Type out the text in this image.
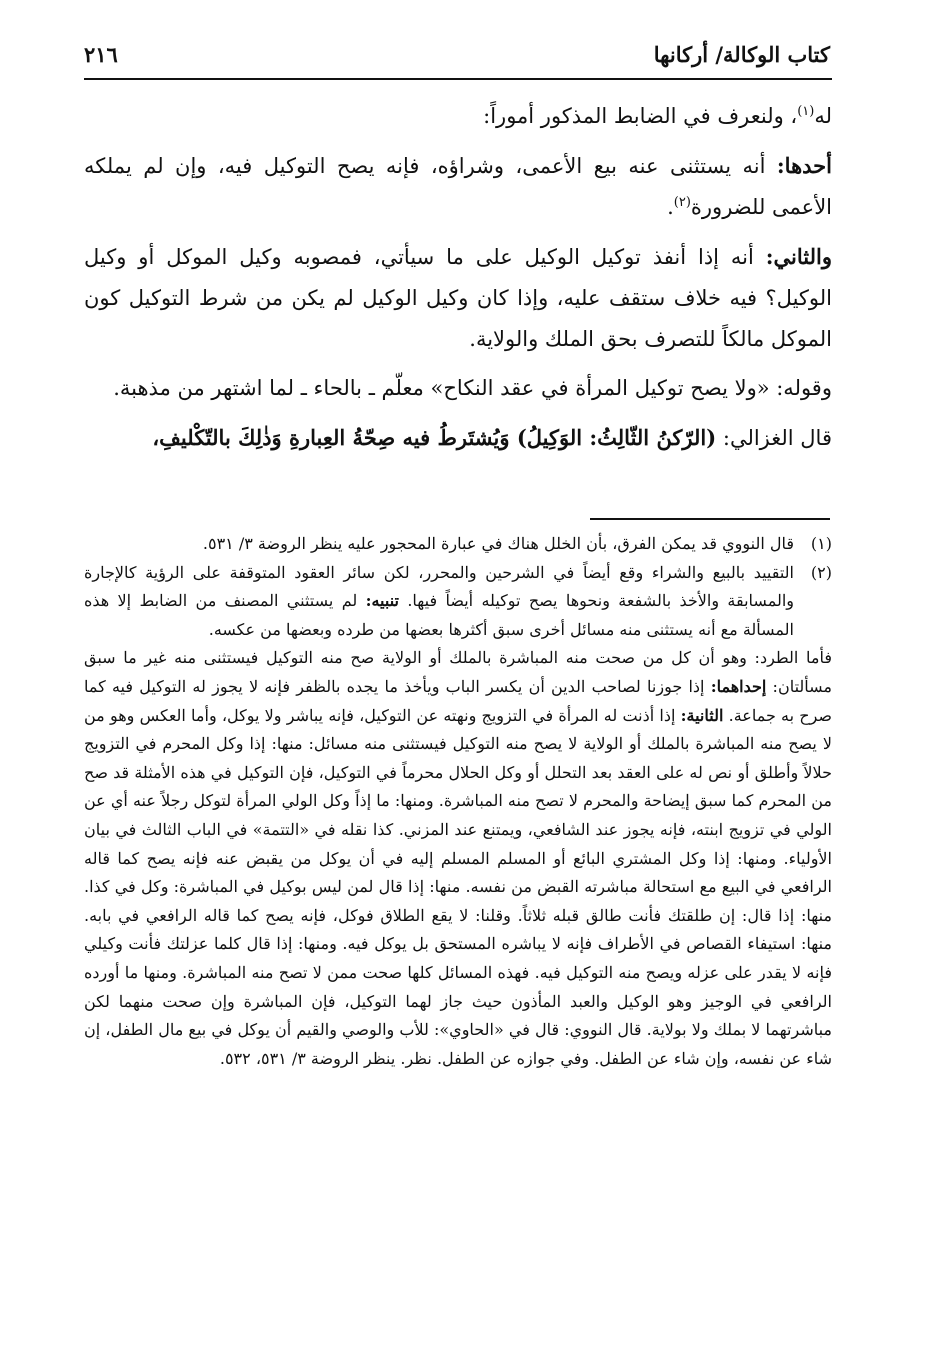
كتاب الوكالة/ أركانها
٢١٦

له$^{(١)}$، ولنعرف في الضابط المذكور أموراً:

أحدها: أنه يستثنى عنه بيع الأعمى، وشراؤه، فإنه يصح التوكيل فيه، وإن لم يملكه الأعمى للضرورة$^{(٢)}$.

والثاني: أنه إذا أنفذ توكيل الوكيل على ما سيأتي، فمصوبه وكيل الموكل أو وكيل الوكيل؟ فيه خلاف ستقف عليه، وإذا كان وكيل الوكيل لم يكن من شرط التوكيل كون الموكل مالكاً للتصرف بحق الملك والولاية.

وقوله: «ولا يصح توكيل المرأة في عقد النكاح» معلّم ـ بالحاء ـ لما اشتهر من مذهبة.

قال الغزالي: (الرّكنُ الثّالِثُ: الوَكِيلُ) وَيُشتَرطُ فيه صِحّةُ العِبارةِ وَذٰلِكَ بالتّكْليفِ،

(١)
قال النووي قد يمكن الفرق، بأن الخلل هناك في عبارة المحجور عليه ينظر الروضة ٣/ ٥٣١.
(٢)
التقييد بالبيع والشراء وقع أيضاً في الشرحين والمحرر، لكن سائر العقود المتوقفة على الرؤية كالإجارة والمسابقة والأخذ بالشفعة ونحوها يصح توكيله أيضاً فيها. تنبيه: لم يستثني المصنف من الضابط إلا هذه المسألة مع أنه يستثنى منه مسائل أخرى سبق أكثرها بعضها من طرده وبعضها من عكسه.

فأما الطرد: وهو أن كل من صحت منه المباشرة بالملك أو الولاية صح منه التوكيل فيستثنى منه غير ما سبق مسألتان: إحداهما: إذا جوزنا لصاحب الدين أن يكسر الباب ويأخذ ما يجده بالظفر فإنه لا يجوز له التوكيل فيه كما صرح به جماعة. الثانية: إذا أذنت له المرأة في التزويج ونهته عن التوكيل، فإنه يباشر ولا يوكل، وأما العكس وهو من لا يصح منه المباشرة بالملك أو الولاية لا يصح منه التوكيل فيستثنى منه مسائل: منها: إذا وكل المحرم في التزويج حلالاً وأطلق أو نص له على العقد بعد التحلل أو وكل الحلال محرماً في التوكيل، فإن التوكيل في هذه الأمثلة قد صح من المحرم كما سبق إيضاحة والمحرم لا تصح منه المباشرة. ومنها: ما إذاً وكل الولي المرأة لتوكل رجلاً عنه أي عن الولي في تزويج ابنته، فإنه يجوز عند الشافعي، ويمتنع عند المزني. كذا نقله في «التتمة» في الباب الثالث في بيان الأولياء. ومنها: إذا وكل المشتري البائع أو المسلم المسلم إليه في أن يوكل من يقبض عنه فإنه يصح كما قاله الرافعي في البيع مع استحالة مباشرته القبض من نفسه. منها: إذا قال لمن ليس بوكيل في المباشرة: وكل في كذا. منها: إذا قال: إن طلقتك فأنت طالق قبله ثلاثاً. وقلنا: لا يقع الطلاق فوكل، فإنه يصح كما قاله الرافعي في بابه. منها: استيفاء القصاص في الأطراف فإنه لا يباشره المستحق بل يوكل فيه. ومنها: إذا قال كلما عزلتك فأنت وكيلي فإنه لا يقدر على عزله ويصح منه التوكيل فيه. فهذه المسائل كلها صحت ممن لا تصح منه المباشرة. ومنها ما أورده الرافعي في الوجيز وهو الوكيل والعبد المأذون حيث جاز لهما التوكيل، فإن المباشرة وإن صحت منهما لكن مباشرتهما لا بملك ولا بولاية. قال النووي: قال في «الحاوي»: للأب والوصي والقيم أن يوكل في بيع مال الطفل، إن شاء عن نفسه، وإن شاء عن الطفل. وفي جوازه عن الطفل. نظر. ينظر الروضة ٣/ ٥٣١، ٥٣٢.
